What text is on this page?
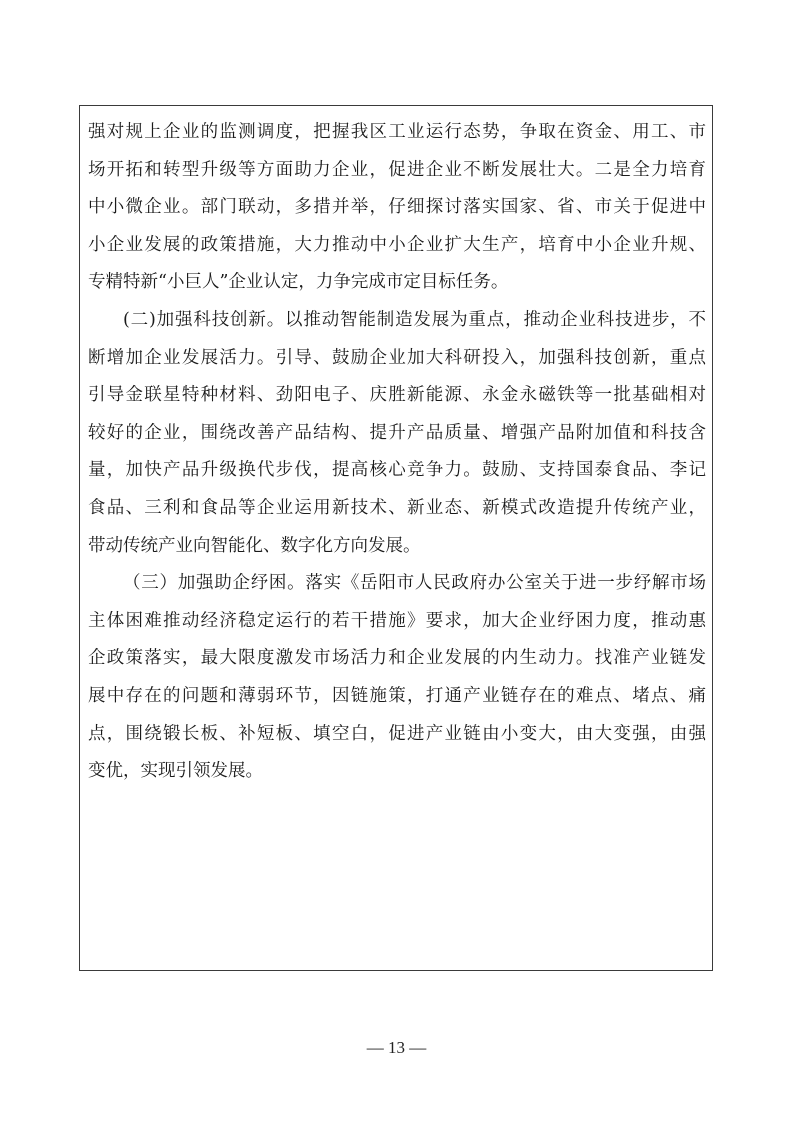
强对规上企业的监测调度，把握我区工业运行态势，争取在资金、用工、市
场开拓和转型升级等方面助力企业，促进企业不断发展壮大。二是全力培育
中小微企业。部门联动，多措并举，仔细探讨落实国家、省、市关于促进中
小企业发展的政策措施，大力推动中小企业扩大生产，培育中小企业升规、
专精特新“小巨人”企业认定，力争完成市定目标任务。
(二)加强科技创新。以推动智能制造发展为重点，推动企业科技进步，不
断增加企业发展活力。引导、鼓励企业加大科研投入，加强科技创新，重点
引导金联星特种材料、劲阳电子、庆胜新能源、永金永磁铁等一批基础相对
较好的企业，围绕改善产品结构、提升产品质量、增强产品附加值和科技含
量，加快产品升级换代步伐，提高核心竞争力。鼓励、支持国泰食品、李记
食品、三利和食品等企业运用新技术、新业态、新模式改造提升传统产业，
带动传统产业向智能化、数字化方向发展。
（三）加强助企纾困。落实《岳阳市人民政府办公室关于进一步纾解市场
主体困难推动经济稳定运行的若干措施》要求，加大企业纾困力度，推动惠
企政策落实，最大限度激发市场活力和企业发展的内生动力。找准产业链发
展中存在的问题和薄弱环节，因链施策，打通产业链存在的难点、堵点、痛
点，围绕锻长板、补短板、填空白，促进产业链由小变大，由大变强，由强
变优，实现引领发展。
— 13 —
